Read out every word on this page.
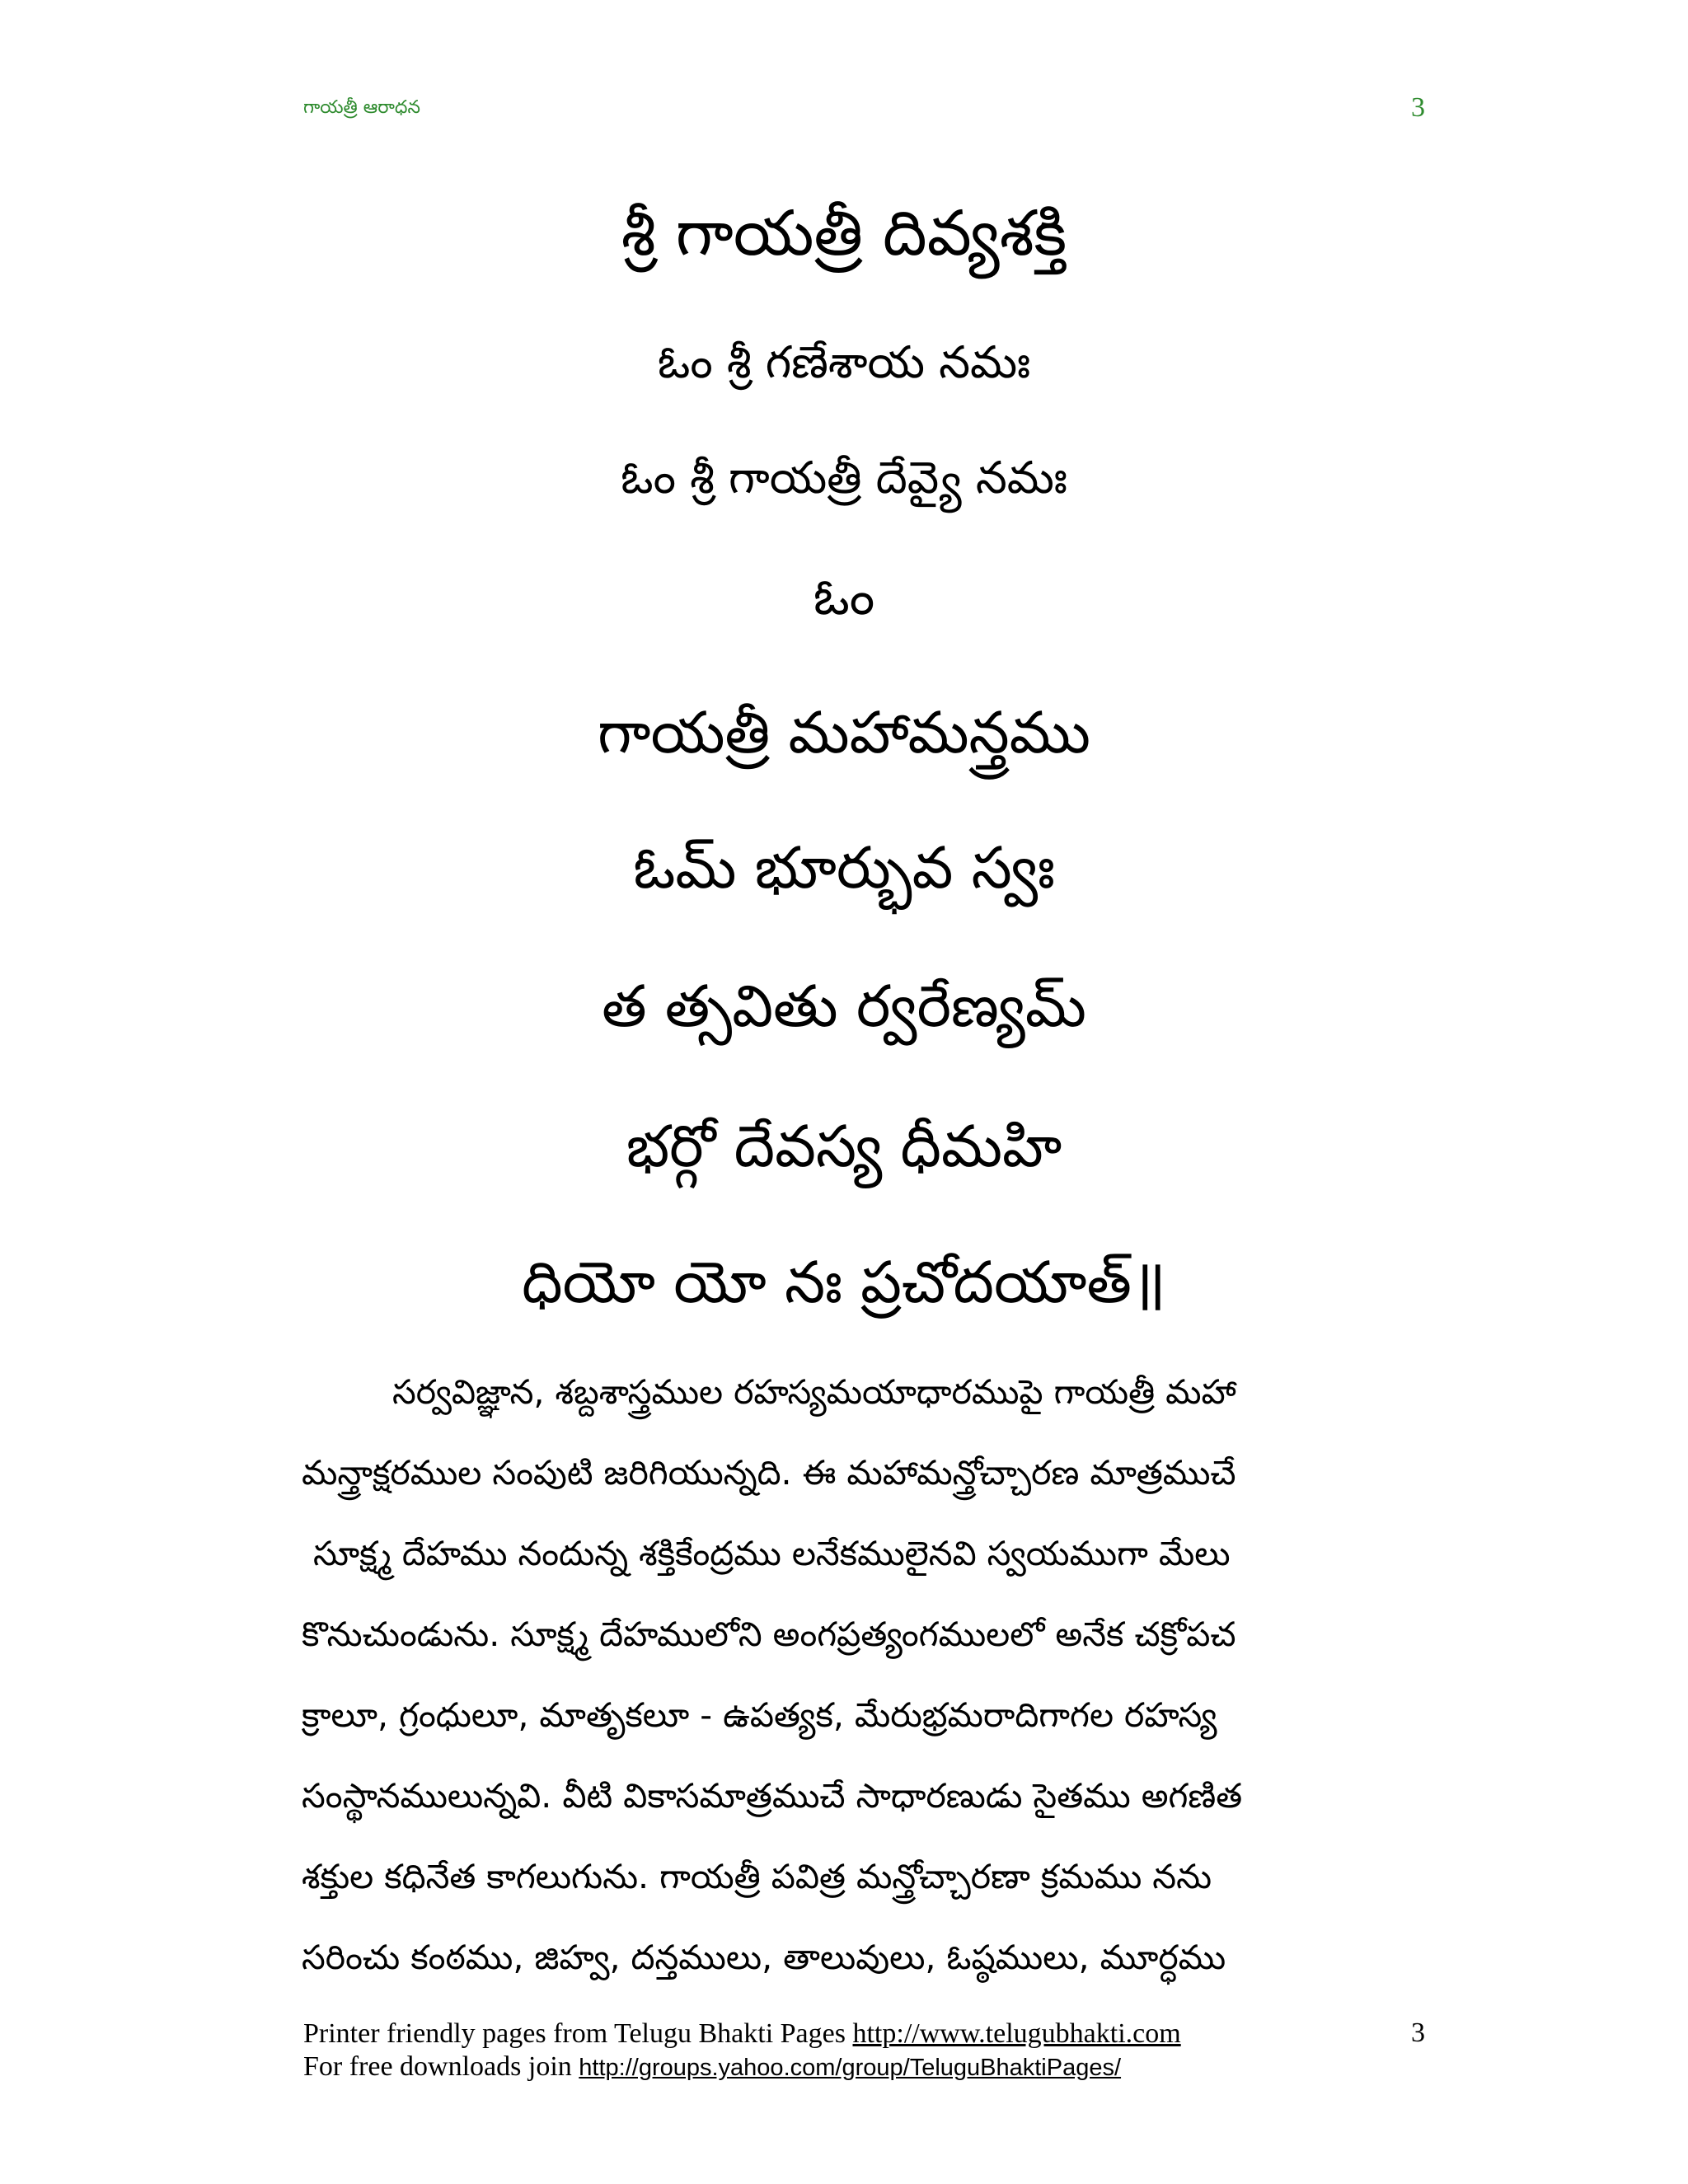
గాయత్రీ ఆరాధన	3
శ్రీ గాయత్రీ దివ్యశక్తి
ఓం శ్రీ గణేశాయ నమః
ఓం శ్రీ గాయత్రీ దేవ్యై నమః
ఓం
గాయత్రీ మహామన్త్రము
ఓమ్ భూర్భువ స్వః
త త్సవితు ర్వరేణ్యమ్
భర్గో దేవస్య ధీమహి
ధియో యో నః ప్రచోదయాత్॥
సర్వవిజ్ఞాన, శబ్దశాస్త్రముల రహస్యమయాధారముపై గాయత్రీ మహా
మన్త్రాక్షరముల సంపుటి జరిగియున్నది. ఈ మహామన్త్రోచ్చారణ మాత్రముచే
సూక్ష్మ దేహము నందున్న శక్తికేంద్రము లనేకములైనవి స్వయముగా మేలు
కొనుచుండును. సూక్ష్మ దేహములోని అంగప్రత్యంగములలో అనేక చక్రోపచ
క్రాలూ, గ్రంధులూ, మాతృకలూ - ఉపత్యక, మేరుభ్రమరాదిగాగల రహస్య
సంస్థానములున్నవి. వీటి వికాసమాత్రముచే సాధారణుడు సైతము అగణిత
శక్తుల కధినేత కాగలుగును. గాయత్రీ పవిత్ర మన్త్రోచ్చారణా క్రమము నను
సరించు కంఠము, జిహ్వ, దన్తములు, తాలువులు, ఓష్ఠములు, మూర్ధము
Printer friendly pages from Telugu Bhakti Pages http://www.telugubhakti.com
For free downloads join http://groups.yahoo.com/group/TeluguBhaktiPages/
3
